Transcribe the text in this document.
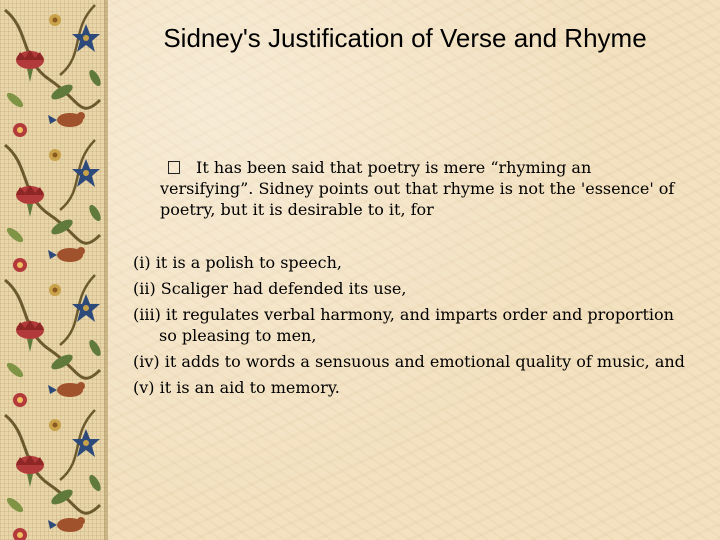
Sidney's Justification of Verse and Rhyme
It has been said that poetry is mere “rhyming an versifying”. Sidney points out that rhyme is not the 'essence' of poetry, but it is desirable to it, for
(i) it is a polish to speech,
(ii) Scaliger had defended its use,
(iii) it regulates verbal harmony, and imparts order and proportion so pleasing to men,
(iv) it adds to words a sensuous and emotional quality of music, and
(v) it is an aid to memory.
